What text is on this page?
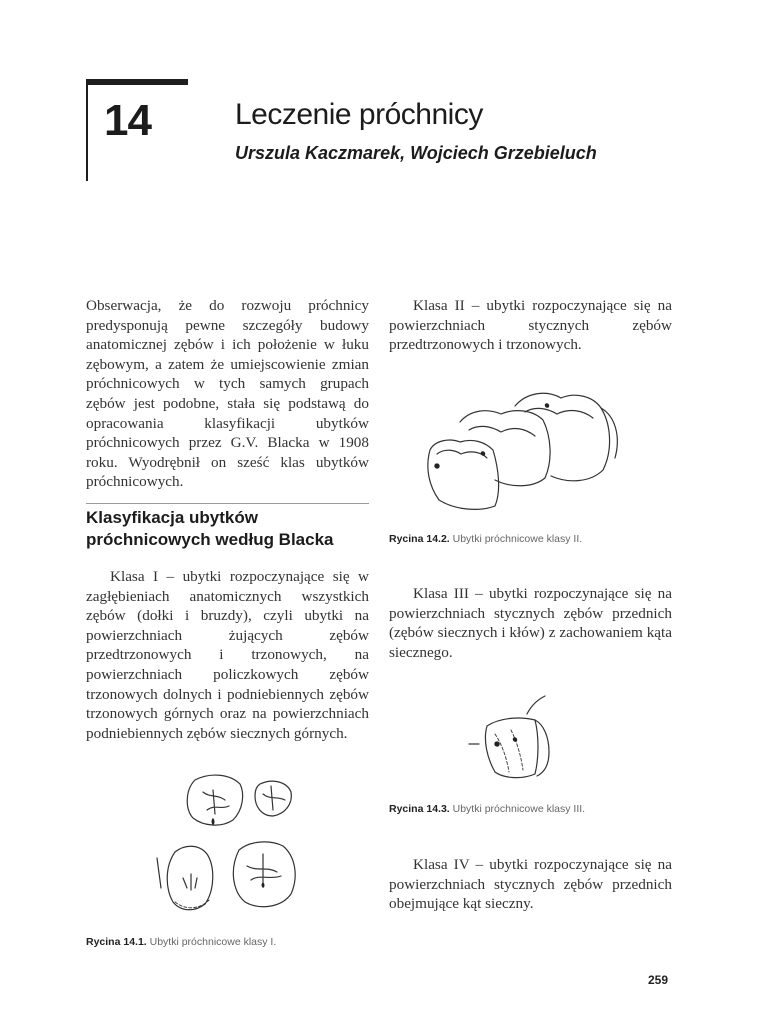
14	Leczenie próchnicy
Urszula Kaczmarek, Wojciech Grzebieluch

Obserwacja, że do rozwoju próchnicy predysponują pewne szczegóły budowy anatomicznej zębów i ich położenie w łuku zębowym, a zatem że umiejscowienie zmian próchnicowych w tych samych grupach zębów jest podobne, stała się podstawą do opracowania klasyfikacji ubytków próchnicowych przez G.V. Blacka w 1908 roku. Wyodrębnił on sześć klas ubytków próchnicowych.

Klasyfikacja ubytków próchnicowych według Blacka

Klasa I – ubytki rozpoczynające się w zagłębieniach anatomicznych wszystkich zębów (dołki i bruzdy), czyli ubytki na powierzchniach żujących zębów przedtrzonowych i trzonowych, na powierzchniach policzkowych zębów trzonowych dolnych i podniebiennych zębów trzonowych górnych oraz na powierzchniach podniebiennych zębów siecznych górnych.

Rycina 14.1. Ubytki próchnicowe klasy I.

Klasa II – ubytki rozpoczynające się na powierzchniach stycznych zębów przedtrzonowych i trzonowych.

Rycina 14.2. Ubytki próchnicowe klasy II.

Klasa III – ubytki rozpoczynające się na powierzchniach stycznych zębów przednich (zębów siecznych i kłów) z zachowaniem kąta siecznego.

Rycina 14.3. Ubytki próchnicowe klasy III.

Klasa IV – ubytki rozpoczynające się na powierzchniach stycznych zębów przednich obejmujące kąt sieczny.

259
